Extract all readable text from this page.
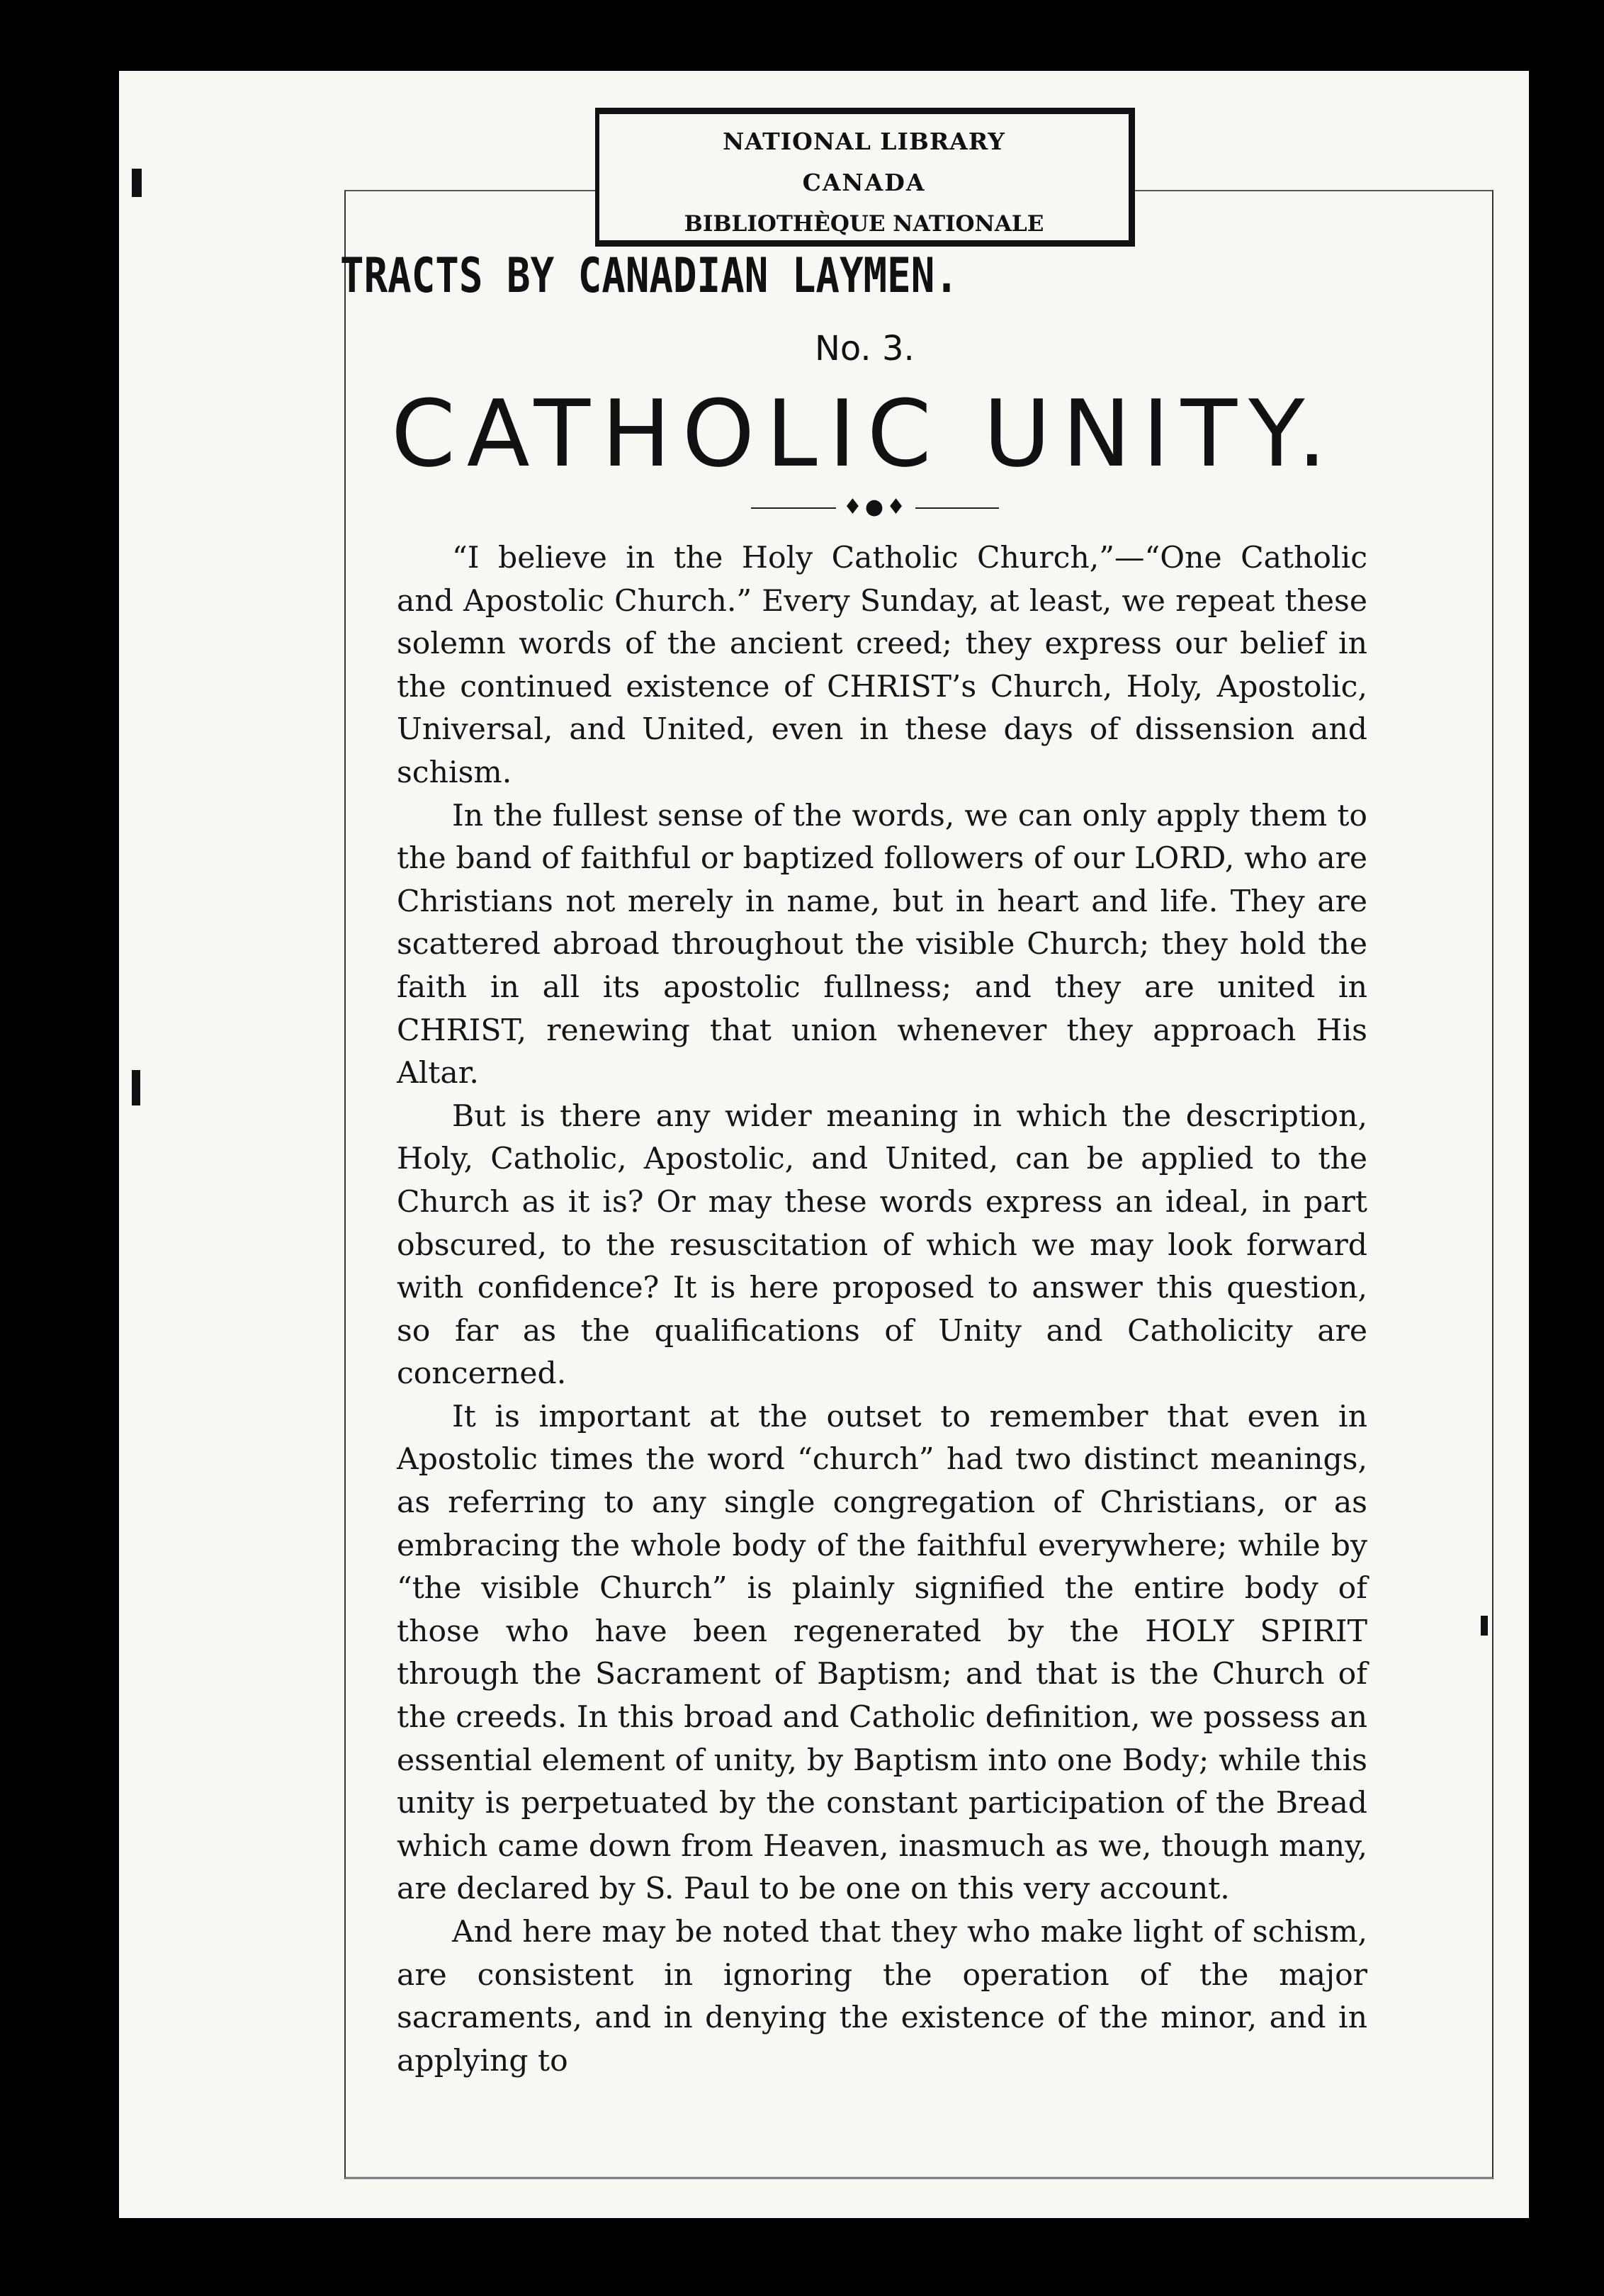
NATIONAL LIBRARY
CANADA
BIBLIOTHÈQUE NATIONALE
TRACTS BY CANADIAN LAYMEN.
No. 3.
CATHOLIC UNITY.
♦●♦

“I believe in the Holy Catholic Church,”—“One Catholic and Apostolic Church.” Every Sunday, at least, we repeat these solemn words of the ancient creed; they express our belief in the continued existence of CHRIST’s Church, Holy, Apostolic, Universal, and United, even in these days of dissension and schism.

In the fullest sense of the words, we can only apply them to the band of faithful or baptized followers of our LORD, who are Christians not merely in name, but in heart and life. They are scattered abroad throughout the visible Church; they hold the faith in all its apostolic fullness; and they are united in CHRIST, renewing that union whenever they approach His Altar.

But is there any wider meaning in which the description, Holy, Catholic, Apostolic, and United, can be applied to the Church as it is? Or may these words express an ideal, in part obscured, to the resuscitation of which we may look forward with confidence? It is here proposed to answer this question, so far as the qualifications of Unity and Catholicity are concerned.

It is important at the outset to remember that even in Apostolic times the word “church” had two distinct meanings, as referring to any single congregation of Christians, or as embracing the whole body of the faithful everywhere; while by “the visible Church” is plainly signified the entire body of those who have been regenerated by the HOLY SPIRIT through the Sacrament of Baptism; and that is the Church of the creeds. In this broad and Catholic definition, we possess an essential element of unity, by Baptism into one Body; while this unity is perpetuated by the constant participation of the Bread which came down from Heaven, inasmuch as we, though many, are declared by S. Paul to be one on this very account.

And here may be noted that they who make light of schism, are consistent in ignoring the operation of the major sacraments, and in denying the existence of the minor, and in applying to
